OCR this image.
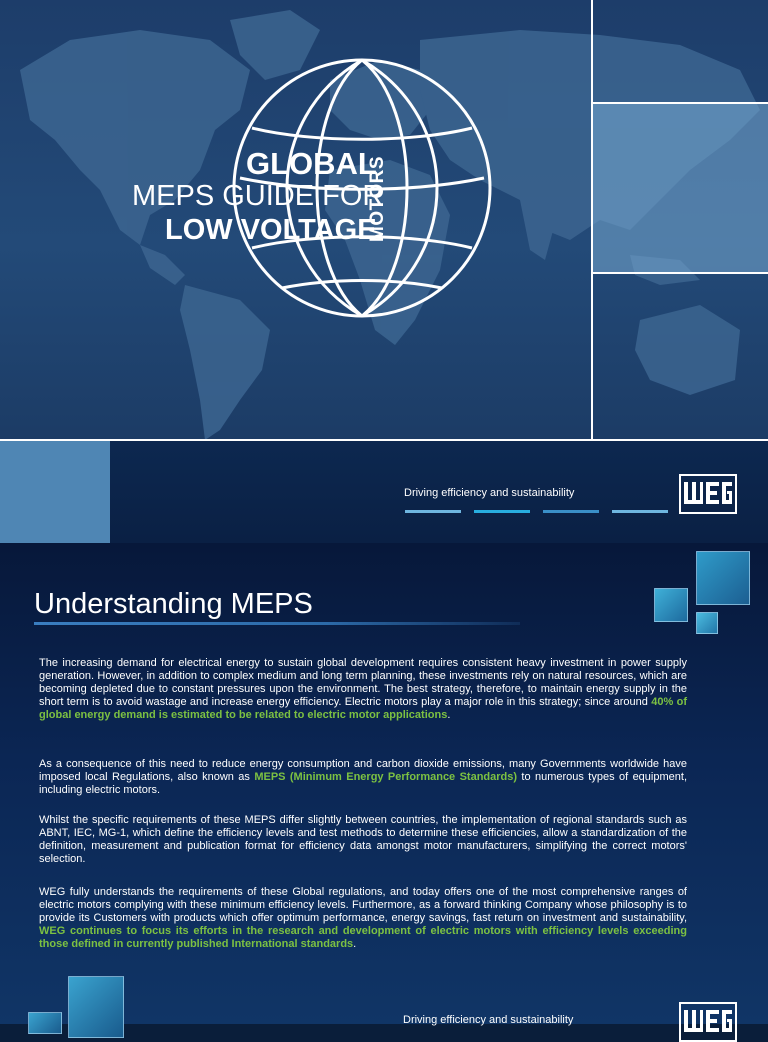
GLOBAL
MEPS GUIDE FOR
LOW VOLTAGE
MOTORS
Driving efficiency and sustainability
Understanding MEPS
The increasing demand for electrical energy to sustain global development requires consistent heavy investment in power supply generation. However, in addition to complex medium and long term planning, these investments rely on natural resources, which are becoming depleted due to constant pressures upon the environment. The best strategy, therefore, to maintain energy supply in the short term is to avoid wastage and increase energy efficiency. Electric motors play a major role in this strategy; since around 40% of global energy demand is estimated to be related to electric motor applications.
As a consequence of this need to reduce energy consumption and carbon dioxide emissions, many Governments worldwide have imposed local Regulations, also known as MEPS (Minimum Energy Performance Standards) to numerous types of equipment, including electric motors.
Whilst the specific requirements of these MEPS differ slightly between countries, the implementation of regional standards such as ABNT, IEC, MG-1, which define the efficiency levels and test methods to determine these efficiencies, allow a standardization of the definition, measurement and publication format for efficiency data amongst motor manufacturers, simplifying the correct motors' selection.
WEG fully understands the requirements of these Global regulations, and today offers one of the most comprehensive ranges of electric motors complying with these minimum efficiency levels. Furthermore, as a forward thinking Company whose philosophy is to provide its Customers with products which offer optimum performance, energy savings, fast return on investment and sustainability, WEG continues to focus its efforts in the research and development of electric motors with efficiency levels exceeding those defined in currently published International standards.
Driving efficiency and sustainability
